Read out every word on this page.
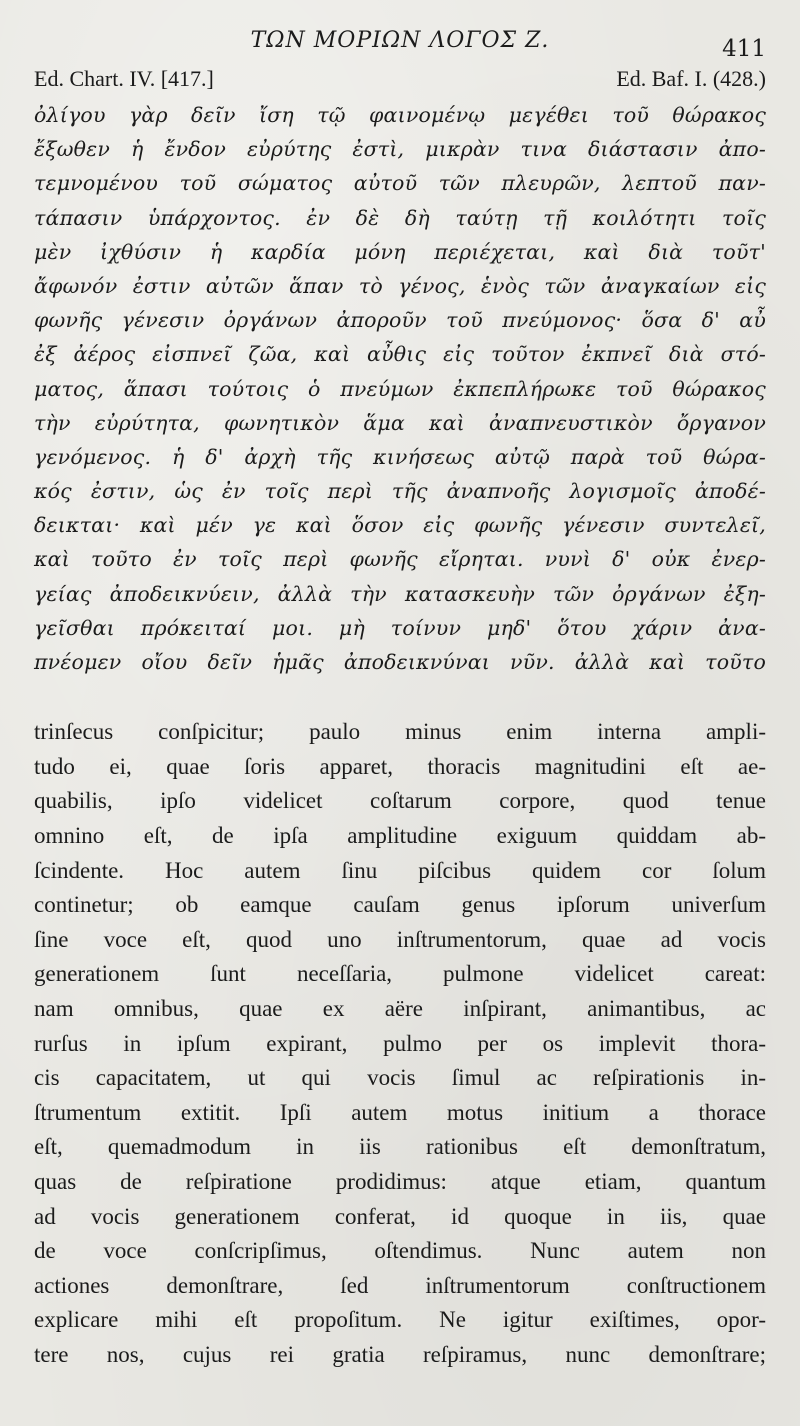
ΤΩΝ ΜΟΡΙΩΝ ΛΟΓΟΣ Ζ.	411
Ed. Chart. IV. [417.]	Ed. Baf. I. (428.)
ὀλίγου γὰρ δεῖν ἴση τῷ φαινομένῳ μεγέθει τοῦ θώρακος
ἔξωθεν ἡ ἔνδον εὐρύτης ἐστὶ, μικρὰν τινα διάστασιν ἀπο-
τεμνομένου τοῦ σώματος αὐτοῦ τῶν πλευρῶν, λεπτοῦ παν-
τάπασιν ὑπάρχοντος. ἐν δὲ δὴ ταύτῃ τῇ κοιλότητι τοῖς
μὲν ἰχθύσιν ἡ καρδία μόνη περιέχεται, καὶ διὰ τοῦτ'
ἄφωνόν ἐστιν αὐτῶν ἅπαν τὸ γένος, ἑνὸς τῶν ἀναγκαίων εἰς
φωνῆς γένεσιν ὀργάνων ἀποροῦν τοῦ πνεύμονος· ὅσα δ' αὖ
ἐξ ἀέρος εἰσπνεῖ ζῶα, καὶ αὖθις εἰς τοῦτον ἐκπνεῖ διὰ στό-
ματος, ἅπασι τούτοις ὁ πνεύμων ἐκπεπλήρωκε τοῦ θώρακος
τὴν εὐρύτητα, φωνητικὸν ἅμα καὶ ἀναπνευστικὸν ὄργανον
γενόμενος. ἡ δ' ἀρχὴ τῆς κινήσεως αὐτῷ παρὰ τοῦ θώρα-
κός ἐστιν, ὡς ἐν τοῖς περὶ τῆς ἀναπνοῆς λογισμοῖς ἀποδέ-
δεικται· καὶ μέν γε καὶ ὅσον εἰς φωνῆς γένεσιν συντελεῖ,
καὶ τοῦτο ἐν τοῖς περὶ φωνῆς εἴρηται. νυνὶ δ' οὐκ ἐνερ-
γείας ἀποδεικνύειν, ἀλλὰ τὴν κατασκευὴν τῶν ὀργάνων ἐξη-
γεῖσθαι πρόκειταί μοι. μὴ τοίνυν μηδ' ὅτου χάριν ἀνα-
πνέομεν οἴου δεῖν ἡμᾶς ἀποδεικνύναι νῦν. ἀλλὰ καὶ τοῦτο
trinſecus conſpicitur; paulo minus enim interna ampli-
tudo ei, quae ſoris apparet, thoracis magnitudini eſt ae-
quabilis, ipſo videlicet coſtarum corpore, quod tenue
omnino eſt, de ipſa amplitudine exiguum quiddam ab-
ſcindente. Hoc autem ſinu piſcibus quidem cor ſolum
continetur; ob eamque cauſam genus ipſorum univerſum
ſine voce eſt, quod uno inſtrumentorum, quae ad vocis
generationem ſunt neceſſaria, pulmone videlicet careat:
nam omnibus, quae ex aëre inſpirant, animantibus, ac
rurſus in ipſum expirant, pulmo per os implevit thora-
cis capacitatem, ut qui vocis ſimul ac reſpirationis in-
ſtrumentum extitit. Ipſi autem motus initium a thorace
eſt, quemadmodum in iis rationibus eſt demonſtratum,
quas de reſpiratione prodidimus: atque etiam, quantum
ad vocis generationem conferat, id quoque in iis, quae
de voce conſcripſimus, oſtendimus. Nunc autem non
actiones demonſtrare, ſed inſtrumentorum conſtructionem
explicare mihi eſt propoſitum. Ne igitur exiſtimes, opor-
tere nos, cujus rei gratia reſpiramus, nunc demonſtrare;
